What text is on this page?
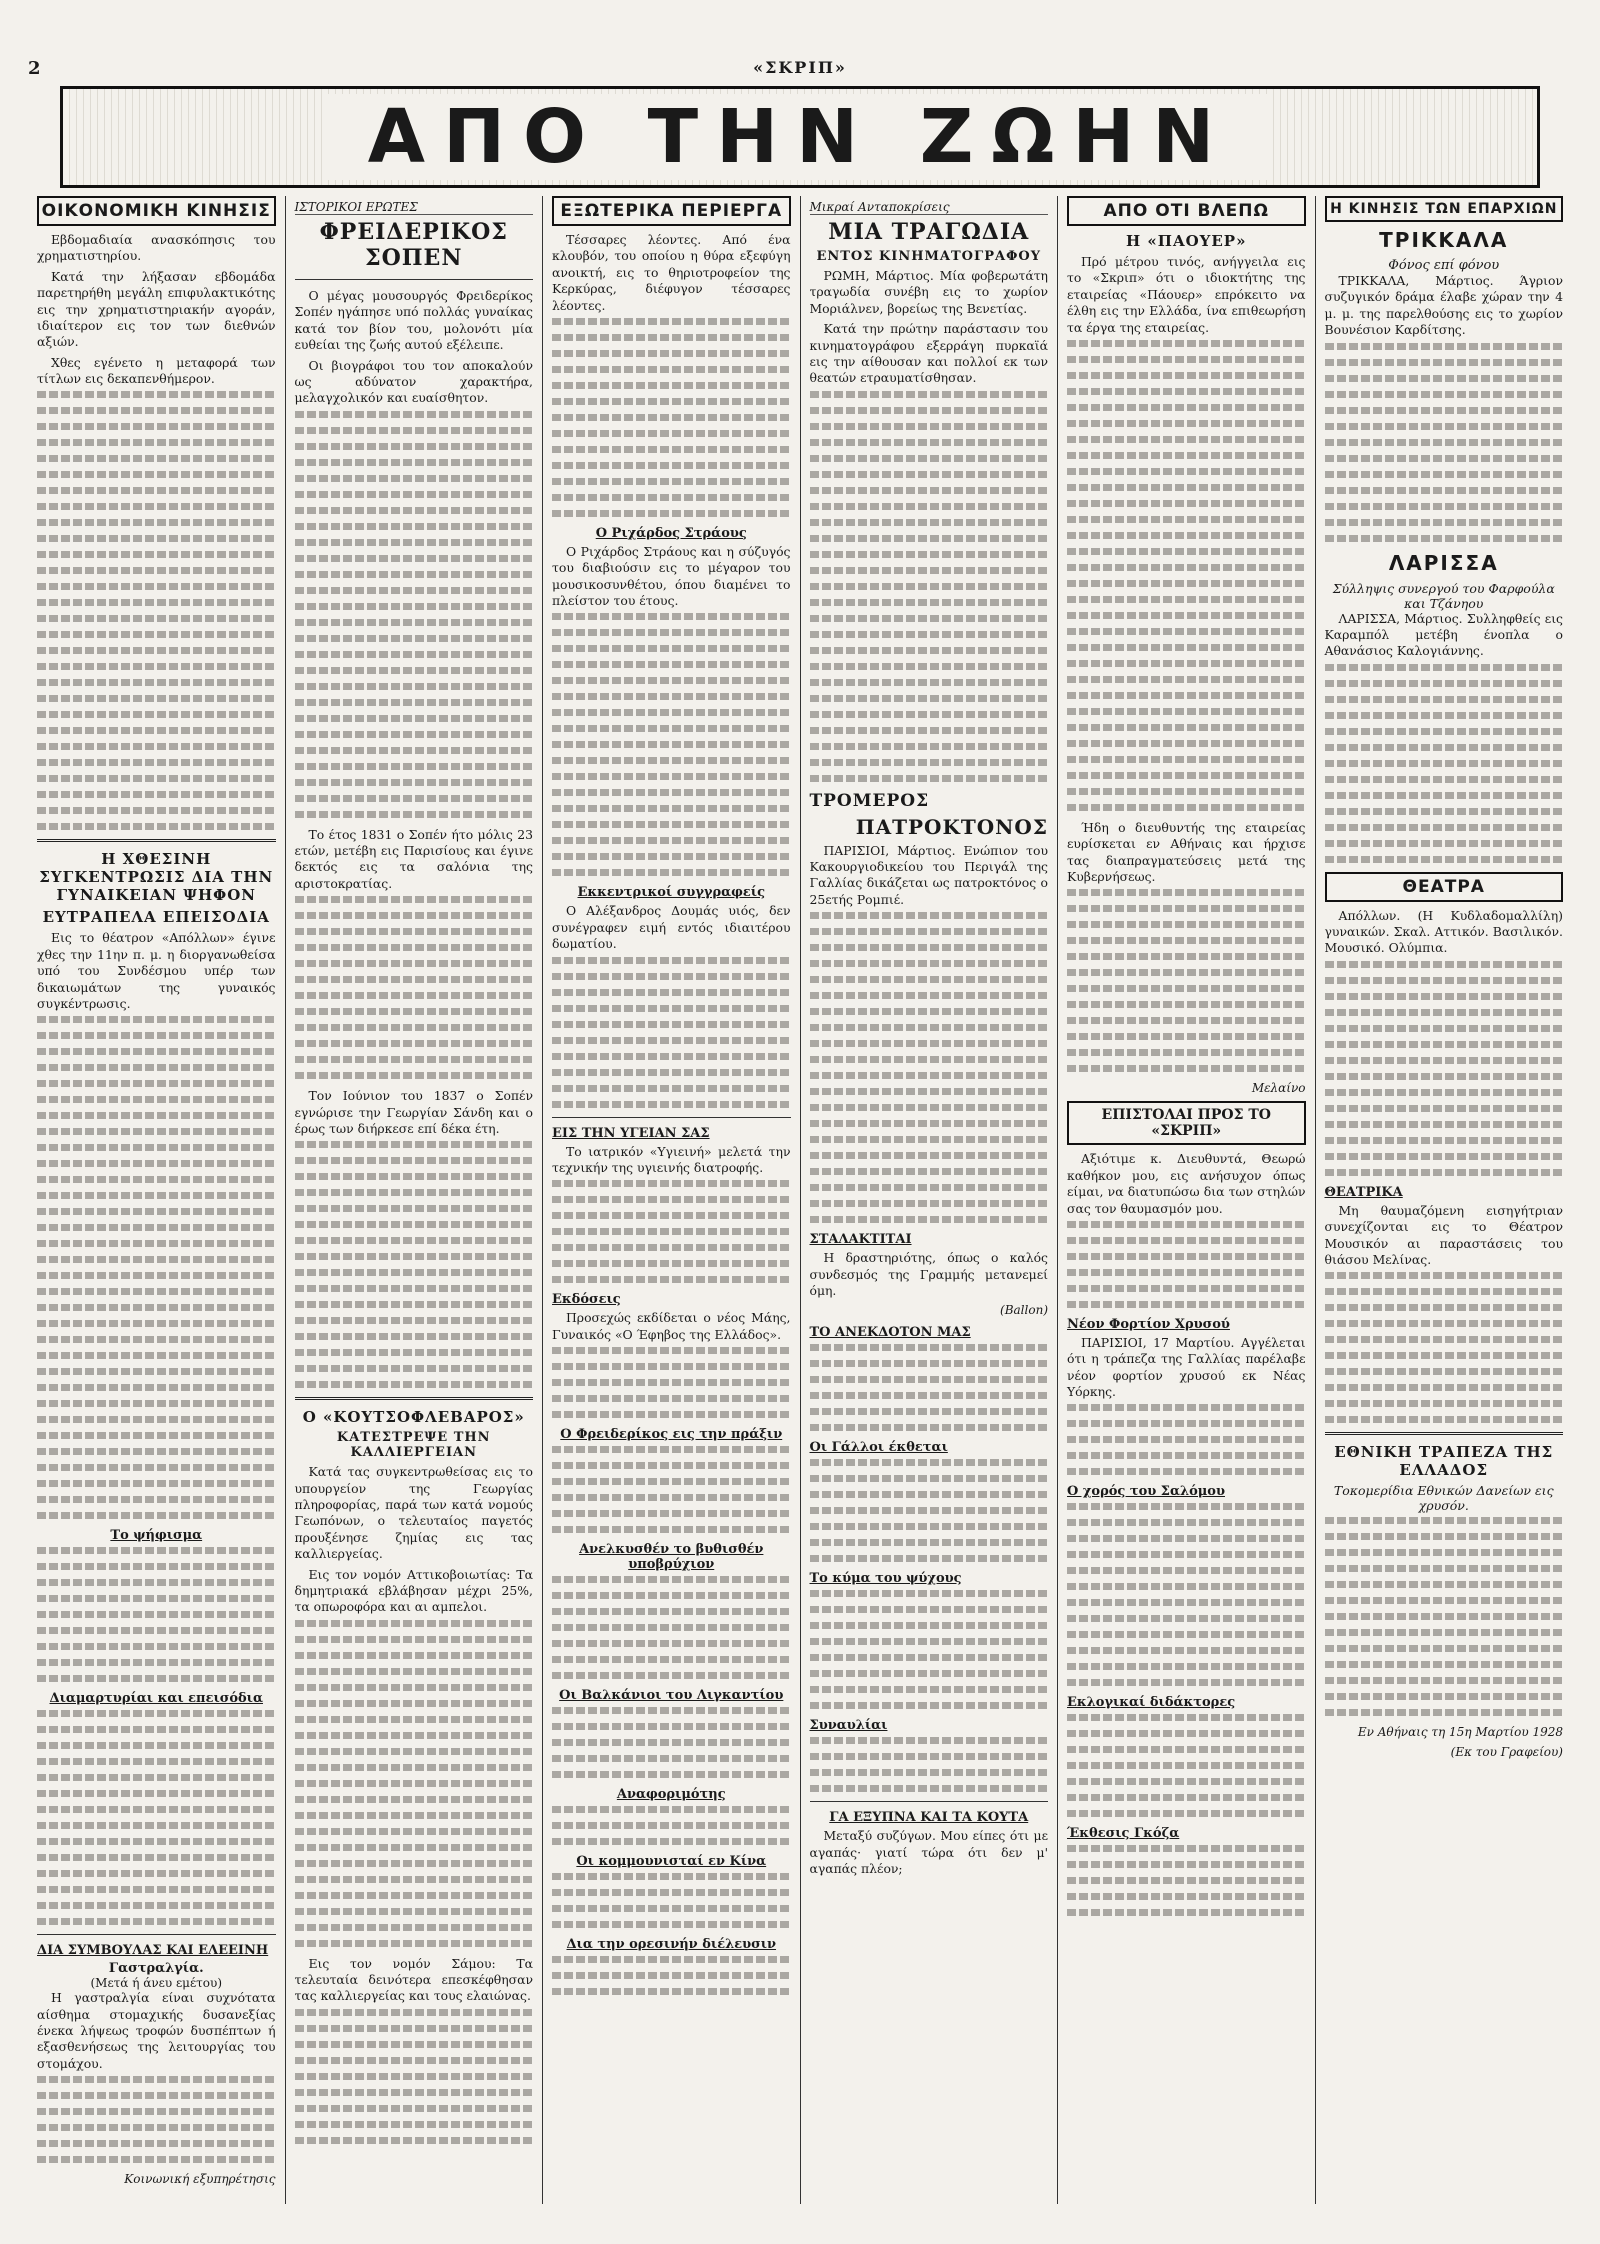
2	«ΣΚΡΙΠ»
ΑΠΟ ΤΗΝ ΖΩΗΝ
ΟΙΚΟΝΟΜΙΚΗ ΚΙΝΗΣΙΣ

Εβδομαδιαία ανασκόπησις του χρηματιστηρίου.

Κατά την λήξασαν εβδομάδα παρετηρήθη μεγάλη επιφυλακτικότης εις την χρηματιστηριακήν αγοράν, ιδιαίτερον εις τον των διεθνών αξιών.

Χθες εγένετο η μεταφορά των τίτλων εις δεκαπενθήμερον.

Η ΧΘΕΣΙΝΗ ΣΥΓΚΕΝΤΡΩΣΙΣ ΔΙΑ ΤΗΝ ΓΥΝΑΙΚΕΙΑΝ ΨΗΦΟΝ
ΕΥΤΡΑΠΕΛΑ ΕΠΕΙΣΟΔΙΑ

Εις το θέατρον «Απόλλων» έγινε χθες την 11ην π. μ. η διοργανωθείσα υπό του Συνδέσμου υπέρ των δικαιωμάτων της γυναικός συγκέντρωσις.

Το ψήφισμα
Διαμαρτυρίαι και επεισόδια
ΔΙΑ ΣΥΜΒΟΥΛΑΣ ΚΑΙ ΕΛΕΕΙΝΗ
Γαστραλγία.
(Μετά ή άνευ εμέτου)

Η γαστραλγία είναι συχνότατα αίσθημα στομαχικής δυσανεξίας ένεκα λήψεως τροφών δυσπέπτων ή εξασθενήσεως της λειτουργίας του στομάχου.

Κοινωνική εξυπηρέτησις
ΙΣΤΟΡΙΚΟΙ ΕΡΩΤΕΣ
ΦΡΕΙΔΕΡΙΚΟΣ ΣΟΠΕΝ

Ο μέγας μουσουργός Φρειδερίκος Σοπέν ηγάπησε υπό πολλάς γυναίκας κατά τον βίον του, μολονότι μία ευθείαι της ζωής αυτού εξέλειπε.

Οι βιογράφοι του τον αποκαλούν ως αδύνατον χαρακτήρα, μελαγχολικόν και ευαίσθητον.

Το έτος 1831 ο Σοπέν ήτο μόλις 23 ετών, μετέβη εις Παρισίους και έγινε δεκτός εις τα σαλόνια της αριστοκρατίας.

Τον Ιούνιον του 1837 ο Σοπέν εγνώρισε την Γεωργίαν Σάνδη και ο έρως των διήρκεσε επί δέκα έτη.

Ο «ΚΟΥΤΣΟΦΛΕΒΑΡΟΣ»
ΚΑΤΕΣΤΡΕΨΕ ΤΗΝ ΚΑΛΛΙΕΡΓΕΙΑΝ

Κατά τας συγκεντρωθείσας εις το υπουργείον της Γεωργίας πληροφορίας, παρά των κατά νομούς Γεωπόνων, ο τελευταίος παγετός προυξένησε ζημίας εις τας καλλιεργείας.

Εις τον νομόν Αττικοβοιωτίας: Τα δημητριακά εβλάβησαν μέχρι 25%, τα οπωροφόρα και αι αμπελοι.

Εις τον νομόν Σάμου: Τα τελευταία δεινότερα επεσκέφθησαν τας καλλιεργείας και τους ελαιώνας.

ΕΞΩΤΕΡΙΚΑ ΠΕΡΙΕΡΓΑ

Τέσσαρες λέοντες. Από ένα κλουβόν, του οποίου η θύρα εξεφύγη ανοικτή, εις το θηριοτροφείον της Κερκύρας, διέφυγον τέσσαρες λέοντες.

Ο Ριχάρδος Στράους

Ο Ριχάρδος Στράους και η σύζυγός του διαβιούσιν εις το μέγαρον του μουσικοσυνθέτου, όπου διαμένει το πλείστον του έτους.

Εκκεντρικοί συγγραφείς

Ο Αλέξανδρος Δουμάς υιός, δεν συνέγραφεν ειμή εντός ιδιαιτέρου δωματίου.

ΕΙΣ ΤΗΝ ΥΓΕΙΑΝ ΣΑΣ

Το ιατρικόν «Υγιεινή» μελετά την τεχνικήν της υγιεινής διατροφής.

Εκδόσεις

Προσεχώς εκδίδεται ο νέος Μάης, Γυναικός «Ο Έφηβος της Ελλάδος».

Ο Φρειδερίκος εις την πράξιν
Ανελκυσθέν το βυθισθέν υποβρύχιον
Οι Βαλκάνιοι του Λιγκαντίου
Αναφοριμότης
Οι κομμουνισταί εν Κίνα
Δια την ορεσινήν διέλευσιν
Μικραί Ανταποκρίσεις
ΜΙΑ ΤΡΑΓΩΔΙΑ
ΕΝΤΟΣ ΚΙΝΗΜΑΤΟΓΡΑΦΟΥ

ΡΩΜΗ, Μάρτιος. Μία φοβερωτάτη τραγωδία συνέβη εις το χωρίον Μοριάλνεν, βορείως της Βενετίας.

Κατά την πρώτην παράστασιν του κινηματογράφου εξερράγη πυρκαϊά εις την αίθουσαν και πολλοί εκ των θεατών ετραυματίσθησαν.

ΤΡΟΜΕΡΟΣ
ΠΑΤΡΟΚΤΟΝΟΣ

ΠΑΡΙΣΙΟΙ, Μάρτιος. Ενώπιον του Κακουργιοδικείου του Περιγάλ της Γαλλίας δικάζεται ως πατροκτόνος ο 25ετής Ρομπιέ.

ΣΤΑΛΑΚΤΙΤΑΙ

Η δραστηριότης, όπως ο καλός συνδεσμός της Γραμμής μετανεμεί όμη.

(Ballon)
ΤΟ ΑΝΕΚΔΟΤΟΝ ΜΑΣ
Οι Γάλλοι έκθεται
Το κύμα του ψύχους
Συναυλίαι
ΓΑ ΕΞΥΠΝΑ ΚΑΙ ΤΑ ΚΟΥΤΑ

Μεταξύ συζύγων. Μου είπες ότι με αγαπάς· γιατί τώρα ότι δεν μ' αγαπάς πλέον;

ΑΠΟ ΟΤΙ ΒΛΕΠΩ
Η «ΠΑΟΥΕΡ»

Πρό μέτρου τινός, ανήγγειλα εις το «Σκριπ» ότι ο ιδιοκτήτης της εταιρείας «Πάουερ» επρόκειτο να έλθη εις την Ελλάδα, ίνα επιθεωρήση τα έργα της εταιρείας.

Ήδη ο διευθυντής της εταιρείας ευρίσκεται εν Αθήναις και ήρχισε τας διαπραγματεύσεις μετά της Κυβερνήσεως.

Μελαίνο
ΕΠΙΣΤΟΛΑΙ ΠΡΟΣ ΤΟ «ΣΚΡΙΠ»

Αξιότιμε κ. Διευθυντά, Θεωρώ καθήκον μου, εις ανήσυχον όπως είμαι, να διατυπώσω δια των στηλών σας τον θαυμασμόν μου.

Νέον Φορτίον Χρυσού

ΠΑΡΙΣΙΟΙ, 17 Μαρτίου. Αγγέλεται ότι η τράπεζα της Γαλλίας παρέλαβε νέον φορτίον χρυσού εκ Νέας Υόρκης.

Ο χορός του Σαλόμου
Εκλογικαί διδάκτορες
Έκθεσις Γκόζα
Η ΚΙΝΗΣΙΣ ΤΩΝ ΕΠΑΡΧΙΩΝ
ΤΡΙΚΚΑΛΑ
Φόνος επί φόνου

ΤΡΙΚΚΑΛΑ, Μάρτιος. Άγριον συζυγικόν δράμα έλαβε χώραν την 4 μ. μ. της παρελθούσης εις το χωρίον Βουνέσιον Καρδίτσης.

ΛΑΡΙΣΣΑ
Σύλληψις συνεργού του Φαρφούλα και Τζάνηου

ΛΑΡΙΣΣΑ, Μάρτιος. Συλληφθείς εις Καραμπόλ μετέβη ένοπλα ο Αθανάσιος Καλογιάννης.

ΘΕΑΤΡΑ

Απόλλων. (Η Κυδλαδομαλλίλη) γυναικών. Σκαλ. Αττικόν. Βασιλικόν. Μουσικό. Ολύμπια.

ΘΕΑΤΡΙΚΑ

Μη θαυμαζόμενη εισηγήτριαν συνεχίζονται εις το Θέατρον Μουσικόν αι παραστάσεις του θιάσου Μελίνας.

ΕΘΝΙΚΗ ΤΡΑΠΕΖΑ ΤΗΣ ΕΛΛΑΔΟΣ
Τοκομερίδια Εθνικών Δανείων εις χρυσόν.
Εν Αθήναις τη 15η Μαρτίου 1928
(Εκ του Γραφείου)
